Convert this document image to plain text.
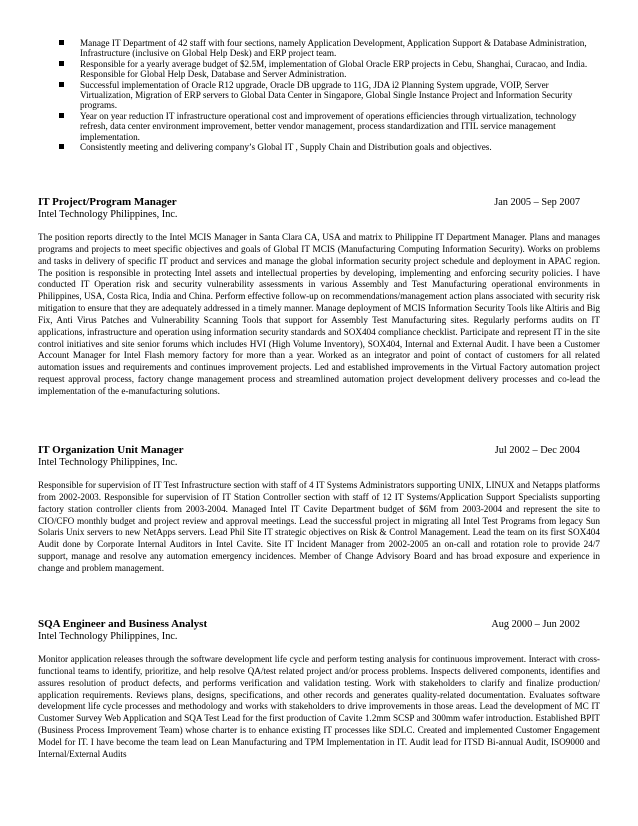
Manage IT Department of 42 staff with four sections, namely Application Development, Application Support & Database Administration, Infrastructure (inclusive on Global Help Desk) and ERP project team.
Responsible for a yearly average budget of $2.5M, implementation of Global Oracle ERP projects in Cebu, Shanghai, Curacao, and India. Responsible for Global Help Desk, Database and Server Administration.
Successful implementation of Oracle R12 upgrade, Oracle DB upgrade to 11G, JDA i2 Planning System upgrade, VOIP, Server Virtualization, Migration of ERP servers to Global Data Center in Singapore, Global Single Instance Project and Information Security programs.
Year on year reduction IT infrastructure operational cost and improvement of operations efficiencies through virtualization, technology refresh, data center environment improvement, better vendor management, process standardization and ITIL service management implementation.
Consistently meeting and delivering company’s Global IT , Supply Chain and Distribution goals and objectives.
IT Project/Program Manager	Jan 2005 – Sep 2007
Intel Technology Philippines, Inc.
The position reports directly to the Intel MCIS Manager in Santa Clara CA, USA and matrix to Philippine IT Department Manager. Plans and manages programs and projects to meet specific objectives and goals of Global IT MCIS (Manufacturing Computing Information Security). Works on problems and tasks in delivery of specific IT product and services and manage the global information security project schedule and deployment in APAC region. The position is responsible in protecting Intel assets and intellectual properties by developing, implementing and enforcing security policies. I have conducted IT Operation risk and security vulnerability assessments in various Assembly and Test Manufacturing operational environments in Philippines, USA, Costa Rica, India and China. Perform effective follow-up on recommendations/management action plans associated with security risk mitigation to ensure that they are adequately addressed in a timely manner. Manage deployment of MCIS Information Security Tools like Altiris and Big Fix, Anti Virus Patches and Vulnerability Scanning Tools that support for Assembly Test Manufacturing sites. Regularly performs audits on IT applications, infrastructure and operation using information security standards and SOX404 compliance checklist. Participate and represent IT in the site control initiatives and site senior forums which includes HVI (High Volume Inventory), SOX404, Internal and External Audit. I have been a Customer Account Manager for Intel Flash memory factory for more than a year. Worked as an integrator and point of contact of customers for all related automation issues and requirements and continues improvement projects. Led and established improvements in the Virtual Factory automation project request approval process, factory change management process and streamlined automation project development delivery processes and co-lead the implementation of the e-manufacturing solutions.
IT Organization Unit Manager	Jul 2002 – Dec 2004
Intel Technology Philippines, Inc.
Responsible for supervision of IT Test Infrastructure section with staff of 4 IT Systems Administrators supporting UNIX, LINUX and Netapps platforms from 2002-2003. Responsible for supervision of IT Station Controller section with staff of 12 IT Systems/Application Support Specialists supporting factory station controller clients from 2003-2004. Managed Intel IT Cavite Department budget of $6M from 2003-2004 and represent the site to CIO/CFO monthly budget and project review and approval meetings. Lead the successful project in migrating all Intel Test Programs from legacy Sun Solaris Unix servers to new NetApps servers. Lead Phil Site IT strategic objectives on Risk & Control Management. Lead the team on its first SOX404 Audit done by Corporate Internal Auditors in Intel Cavite. Site IT Incident Manager from 2002-2005 an on-call and rotation role to provide 24/7 support, manage and resolve any automation emergency incidences. Member of Change Advisory Board and has broad exposure and experience in change and problem management.
SQA Engineer and Business Analyst	Aug 2000 – Jun 2002
Intel Technology Philippines, Inc.
Monitor application releases through the software development life cycle and perform testing analysis for continuous improvement. Interact with cross-functional teams to identify, prioritize, and help resolve QA/test related project and/or process problems. Inspects delivered components, identifies and assures resolution of product defects, and performs verification and validation testing. Work with stakeholders to clarify and finalize production/ application requirements. Reviews plans, designs, specifications, and other records and generates quality-related documentation. Evaluates software development life cycle processes and methodology and works with stakeholders to drive improvements in those areas. Lead the development of MC IT Customer Survey Web Application and SQA Test Lead for the first production of Cavite 1.2mm SCSP and 300mm wafer introduction. Established BPIT (Business Process Improvement Team) whose charter is to enhance existing IT processes like SDLC. Created and implemented Customer Engagement Model for IT. I have become the team lead on Lean Manufacturing and TPM Implementation in IT. Audit lead for ITSD Bi-annual Audit, ISO9000 and Internal/External Audits
